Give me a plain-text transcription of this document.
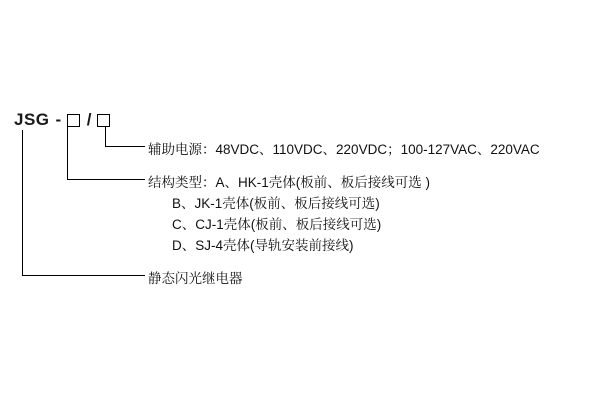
JSG - /
辅助电源：48VDC、110VDC、220VDC；100-127VAC、220VAC
结构类型：A、HK-1壳体(板前、板后接线可选 )
B、JK-1壳体(板前、板后接线可选)
C、CJ-1壳体(板前、板后接线可选)
D、SJ-4壳体(导轨安装前接线)
静态闪光继电器
